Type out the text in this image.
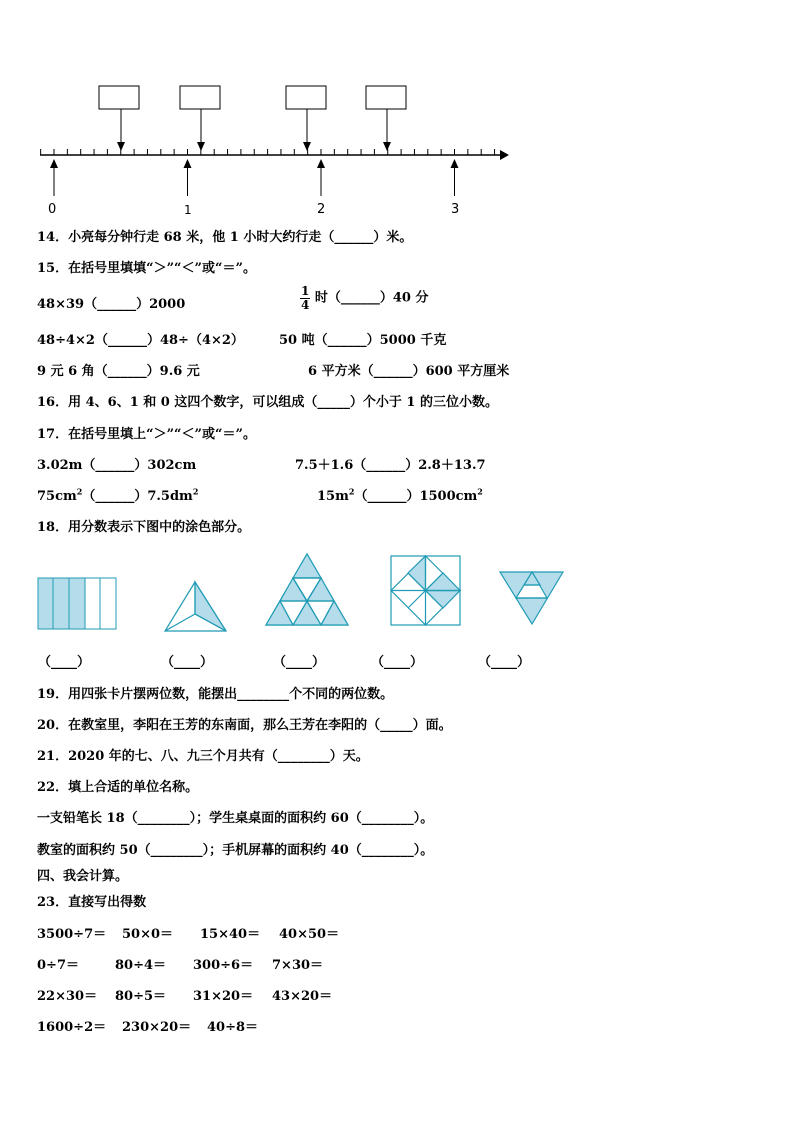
0	1	2	3
14．小亮每分钟行走 68 米，他 1 小时大约行走（______）米。
15．在括号里填填“＞”“＜”或“＝”。
48×39（______）2000	$\frac{1}{4}$ 时（______）40 分
48÷4×2（______）48÷（4×2）	50 吨（______）5000 千克
9 元 6 角（______）9.6 元	6 平方米（______）600 平方厘米
16．用 4、6、1 和 0 这四个数字，可以组成（_____）个小于 1 的三位小数。
17．在括号里填上“＞”“＜”或“＝”。
3.02m（______）302cm	7.5＋1.6（______）2.8＋13.7
$75cm^2(\_\_\_\_\_\_)7.5dm^2$	$15m^2(\_\_\_\_\_\_)1500cm^2$
18．用分数表示下图中的涂色部分。
（____）	（____）	（____）	（____）	（____）
19．用四张卡片摆两位数，能摆出________个不同的两位数。
20．在教室里，李阳在王芳的东南面，那么王芳在李阳的（_____）面。
21．2020 年的七、八、九三个月共有（________）天。
22．填上合适的单位名称。
一支铅笔长 18（________）；学生桌桌面的面积约 60（________）。
教室的面积约 50（________）；手机屏幕的面积约 40（________）。
四、我会计算。
23．直接写出得数
3500÷7＝ 50×0＝ 15×40＝ 40×50＝
0÷7＝	80÷4＝ 300÷6＝ 7×30＝
22×30＝ 80÷5＝ 31×20＝ 43×20＝
1600÷2＝ 230×20＝ 40÷8＝
